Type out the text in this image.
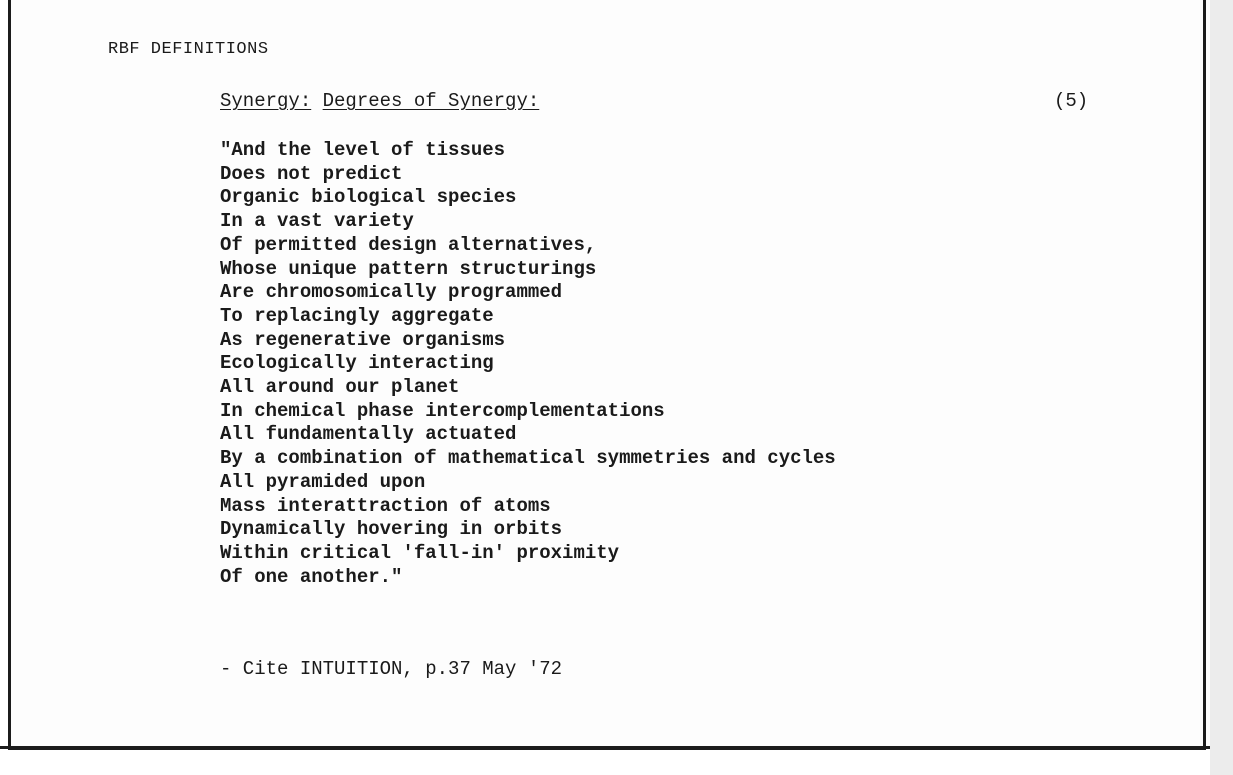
RBF DEFINITIONS
Synergy: Degrees of Synergy:	(5)
"And the level of tissues
Does not predict
Organic biological species
In a vast variety
Of permitted design alternatives,
Whose unique pattern structurings
Are chromosomically programmed
To replacingly aggregate
As regenerative organisms
Ecologically interacting
All around our planet
In chemical phase intercomplementations
All fundamentally actuated
By a combination of mathematical symmetries and cycles
All pyramided upon
Mass interattraction of atoms
Dynamically hovering in orbits
Within critical 'fall-in' proximity
Of one another."
- Cite INTUITION, p.37 May '72
